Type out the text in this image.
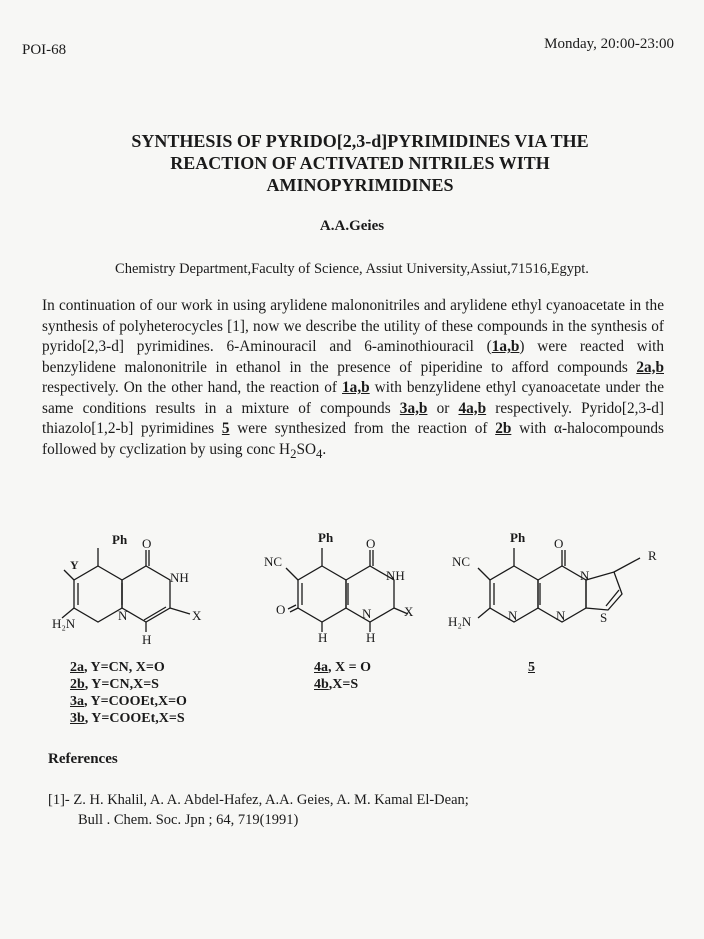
POI-68	Monday, 20:00-23:00
SYNTHESIS OF PYRIDO[2,3-d]PYRIMIDINES VIA THE
REACTION OF ACTIVATED NITRILES WITH
AMINOPYRIMIDINES
A.A.Geies
Chemistry Department,Faculty of Science, Assiut University,Assiut,71516,Egypt.

In continuation of our work in using arylidene malononitriles and arylidene ethyl cyanoacetate in the synthesis of polyheterocycles [1], now we describe the utility of these compounds in the synthesis of pyrido[2,3-d] pyrimidines. 6-Aminouracil and 6-aminothiouracil (1a,b) were reacted with benzylidene malononitrile in ethanol in the presence of piperidine to afford compounds 2a,b respectively. On the other hand, the reaction of 1a,b with benzylidene ethyl cyanoacetate under the same conditions results in a mixture of compounds 3a,b or 4a,b respectively. Pyrido[2,3-d] thiazolo[1,2-b] pyrimidines 5 were synthesized from the reaction of 2b with α-halocompounds followed by cyclization by using conc $H_2SO_4$.

Ph O
Y
NH
N	X
H
H₂N
Ph	O
NC
NH
N	X
H	H
O
Ph O
NC
N
N	N	S
R
H₂N
2a, Y=CN, X=O
2b, Y=CN,X=S
3a, Y=COOEt,X=O
3b, Y=COOEt,X=S
4a, X = O
4b,X=S
5
References
[1]- Z. H. Khalil, A. A. Abdel-Hafez, A.A. Geies, A. M. Kamal El-Dean;
Bull . Chem. Soc. Jpn ; 64, 719(1991)
